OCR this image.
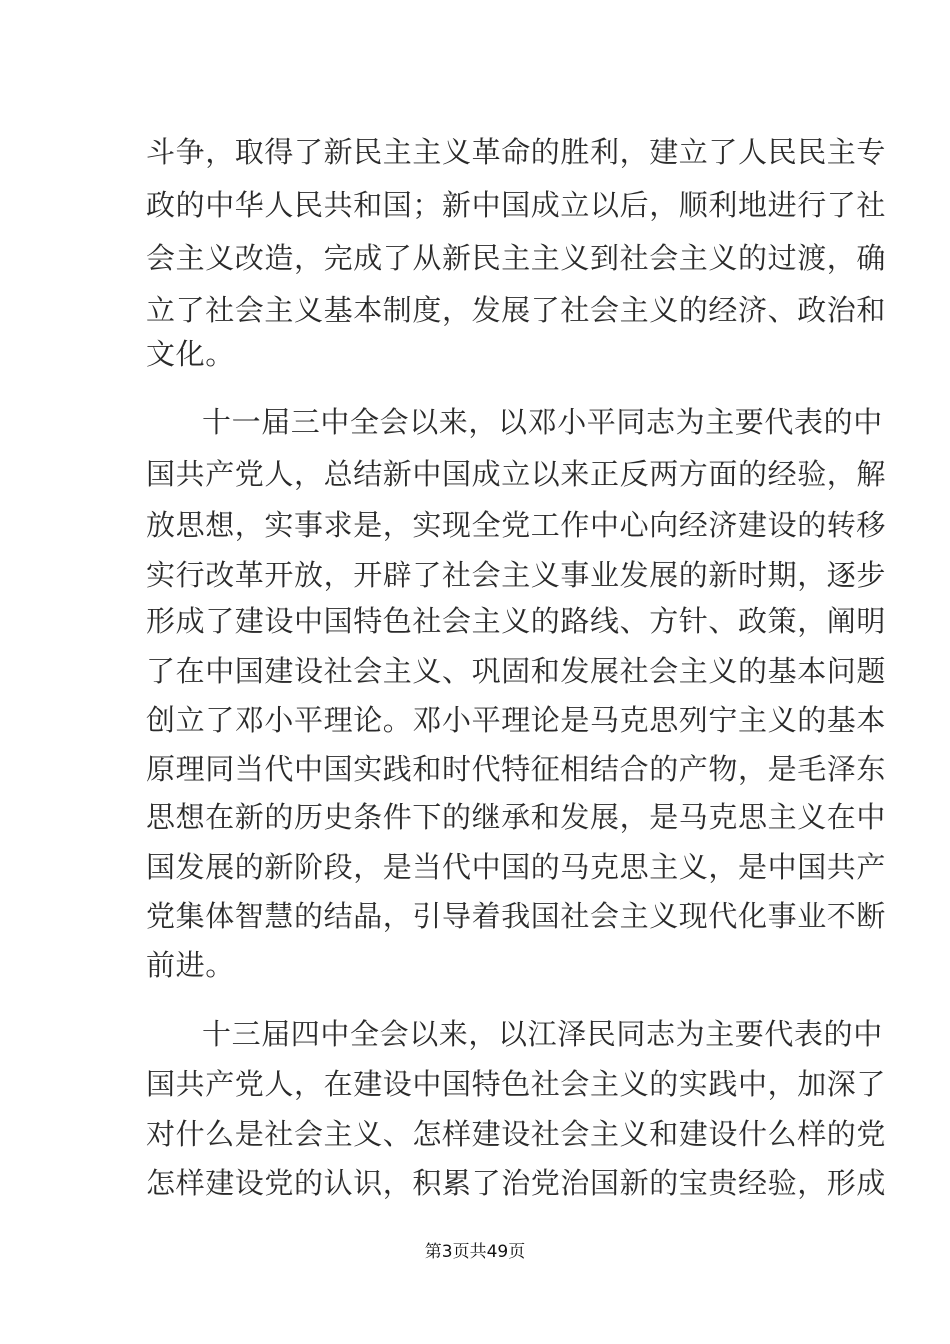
斗争，取得了新民主主义革命的胜利，建立了人民民主专
政的中华人民共和国；新中国成立以后，顺利地进行了社
会主义改造，完成了从新民主主义到社会主义的过渡，确
立了社会主义基本制度，发展了社会主义的经济、政治和
文化。
十一届三中全会以来，以邓小平同志为主要代表的中
国共产党人，总结新中国成立以来正反两方面的经验，解
放思想，实事求是，实现全党工作中心向经济建设的转移
实行改革开放，开辟了社会主义事业发展的新时期，逐步
形成了建设中国特色社会主义的路线、方针、政策，阐明
了在中国建设社会主义、巩固和发展社会主义的基本问题
创立了邓小平理论。邓小平理论是马克思列宁主义的基本
原理同当代中国实践和时代特征相结合的产物，是毛泽东
思想在新的历史条件下的继承和发展，是马克思主义在中
国发展的新阶段，是当代中国的马克思主义，是中国共产
党集体智慧的结晶，引导着我国社会主义现代化事业不断
前进。
十三届四中全会以来，以江泽民同志为主要代表的中
国共产党人，在建设中国特色社会主义的实践中，加深了
对什么是社会主义、怎样建设社会主义和建设什么样的党
怎样建设党的认识，积累了治党治国新的宝贵经验，形成
第3页共49页
